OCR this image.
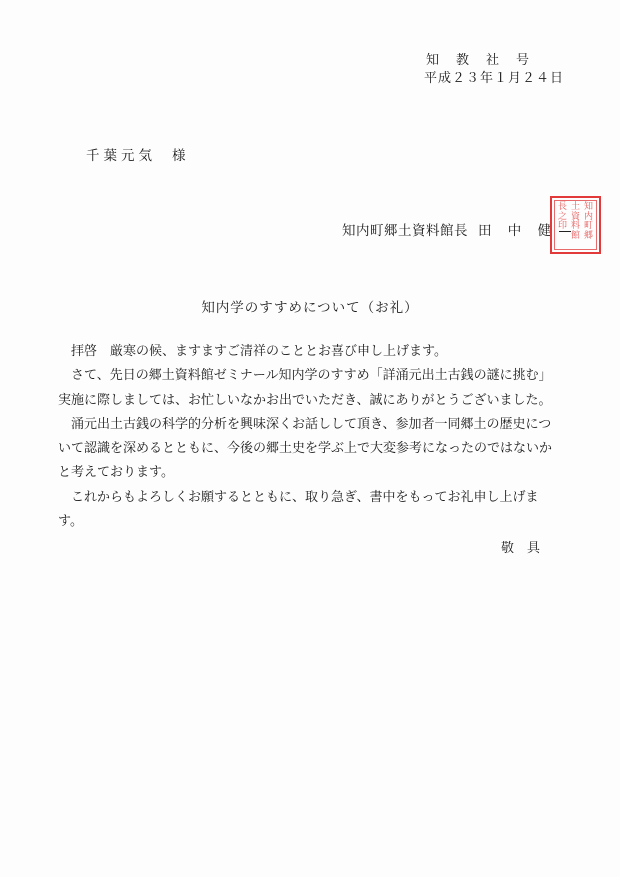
知教社号
平成２３年１月２４日
千葉元気 様
知内町郷土資料館長 田 中 健
知内町郷
土資料館
長之印
知内学のすすめについて（お礼）

拝啓　厳寒の候、ますますご清祥のこととお喜び申し上げます。

さて、先日の郷土資料館ゼミナール知内学のすすめ「詳涌元出土古銭の謎に挑む」実施に際しましては、お忙しいなかお出でいただき、誠にありがとうございました。

涌元出土古銭の科学的分析を興味深くお話しして頂き、参加者一同郷土の歴史について認識を深めるとともに、今後の郷土史を学ぶ上で大変参考になったのではないかと考えております。

これからもよろしくお願するとともに、取り急ぎ、書中をもってお礼申し上げます。

敬具
